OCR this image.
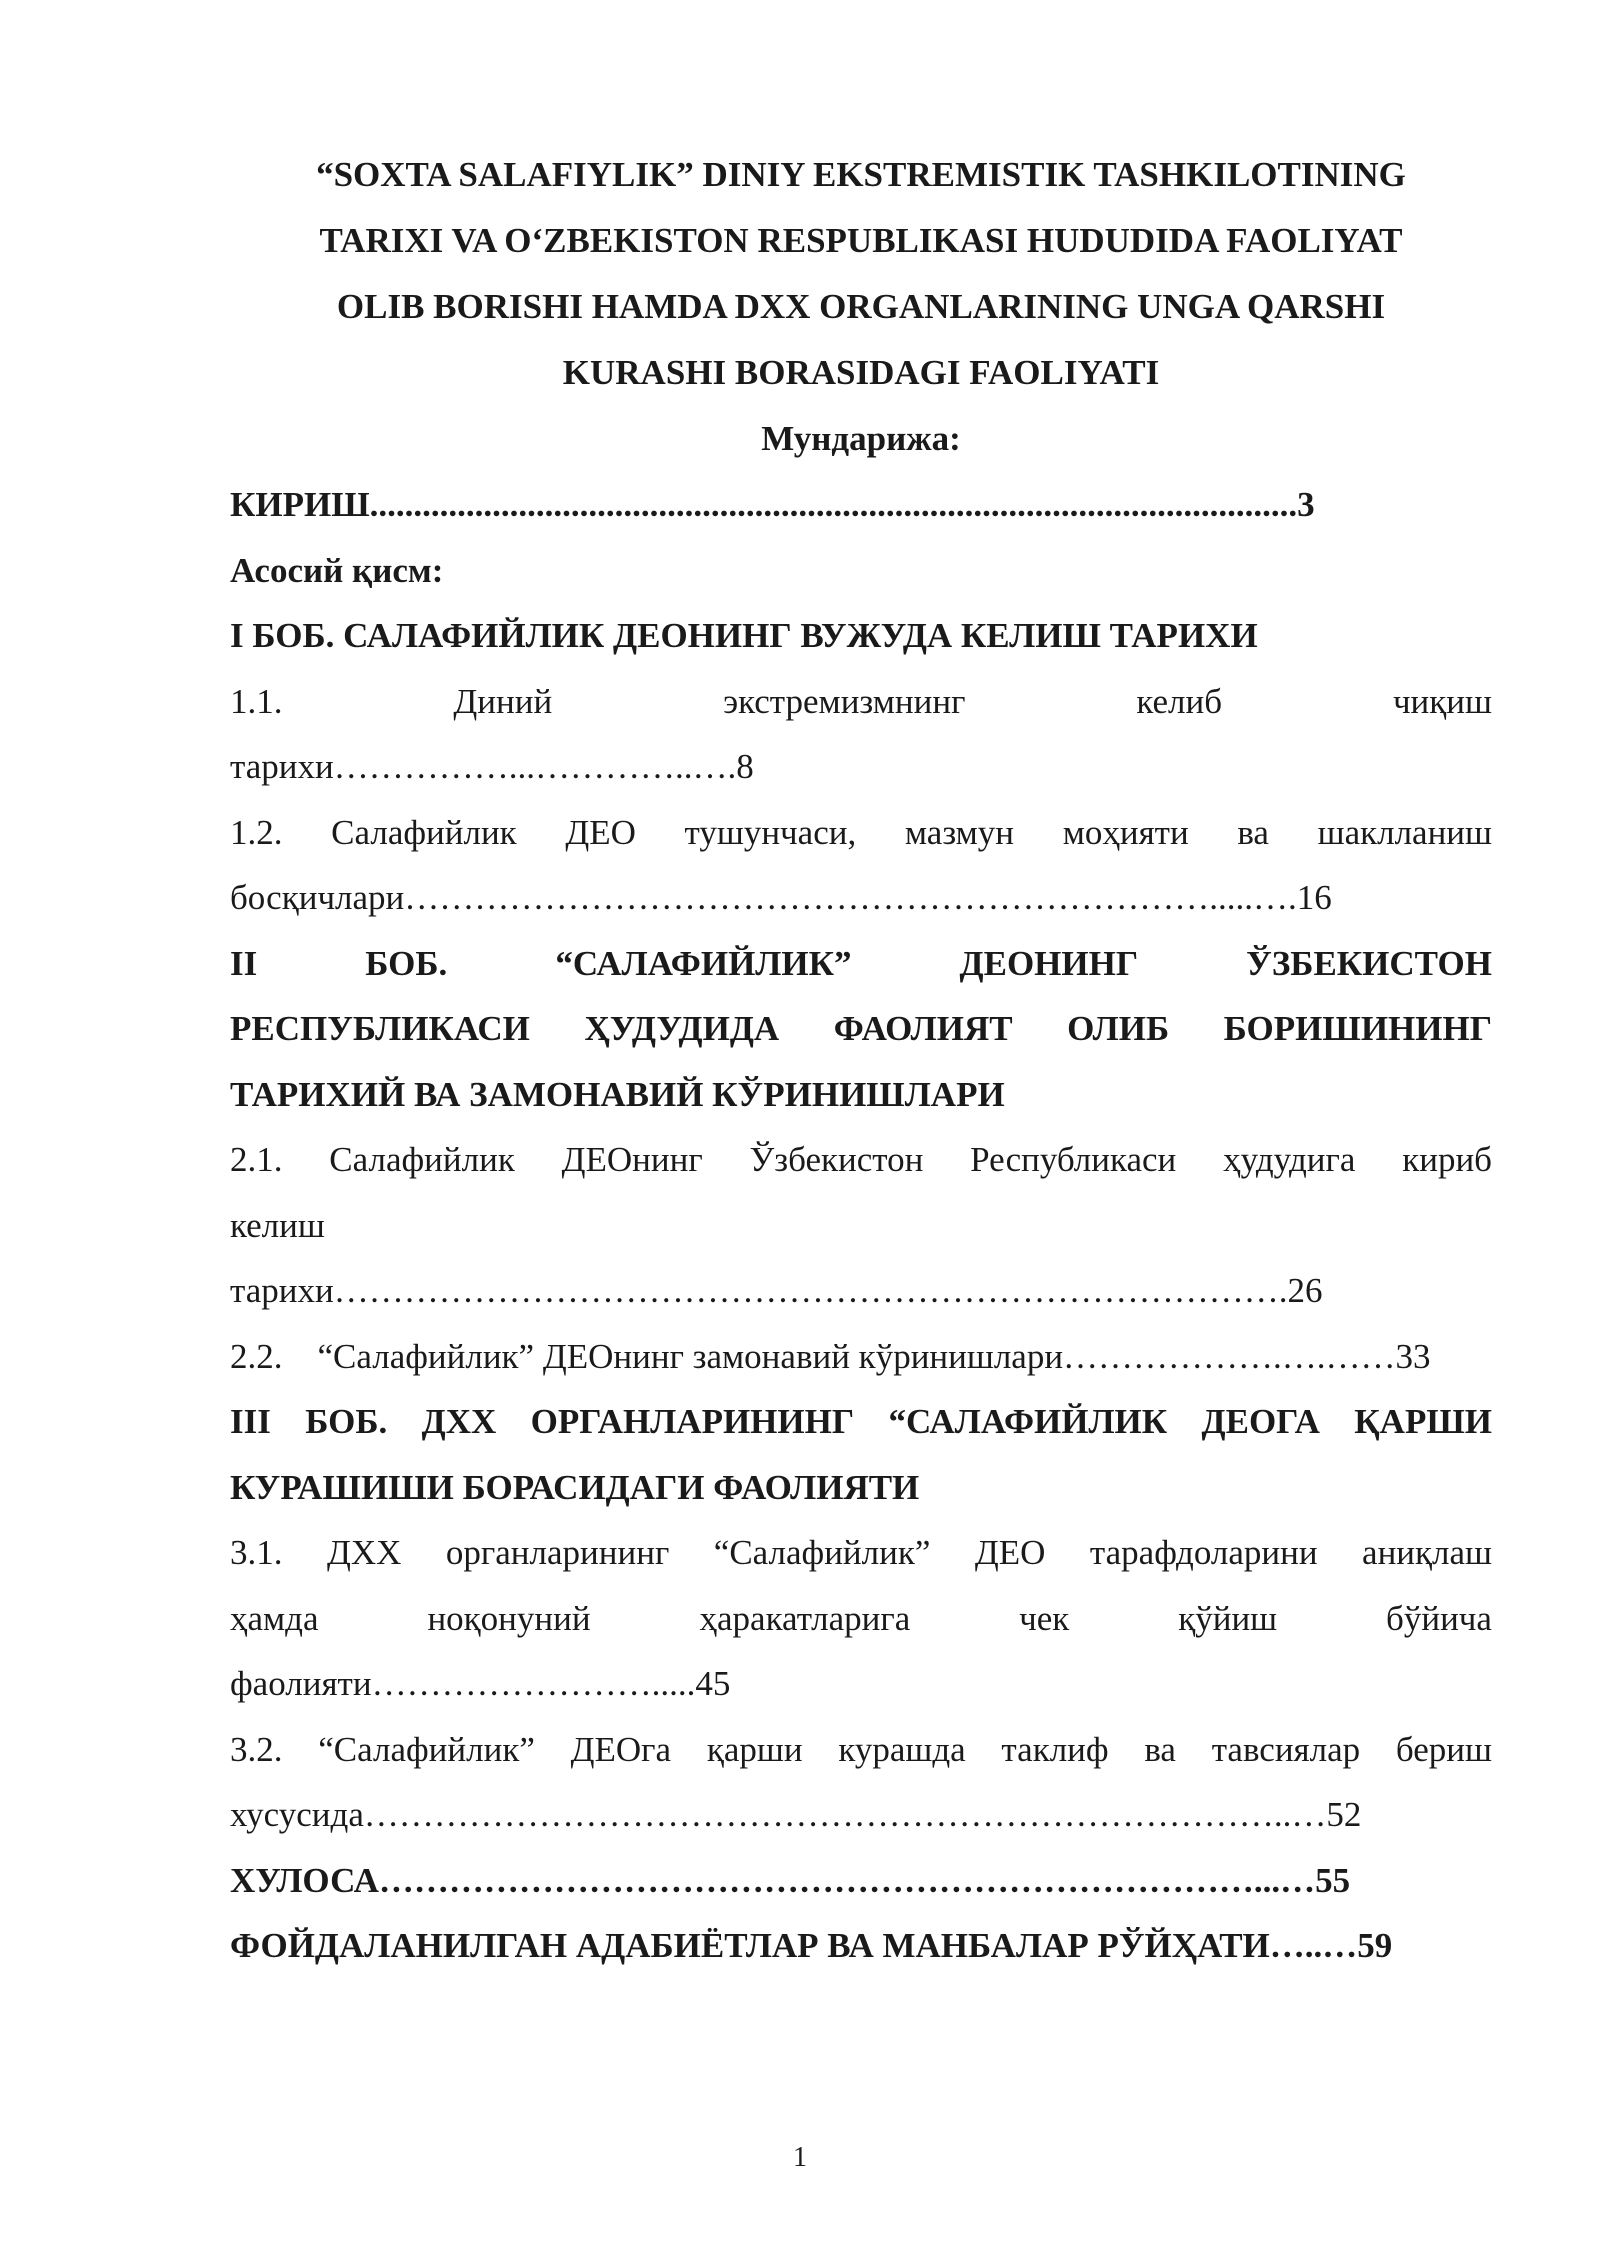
“SOXTA SALAFIYLIK” DINIY EKSTREMISTIK TASHKILOTINING
TARIXI VA O‘ZBEKISTON RESPUBLIKASI HUDUDIDA FAOLIYAT
OLIB BORISHI HAMDA DXX ORGANLARINING UNGA QARSHI
KURASHI BORASIDAGI FAOLIYATI

Мундарижа:

КИРИШ..........................................................................................................3

Асосий қисм:

I БОБ. САЛАФИЙЛИК ДЕОНИНГ ВУЖУДА КЕЛИШ ТАРИХИ

1.1.	Диний	экстремизмнинг	келиб	чиқиш

тарихи……………...…………..….8

1.2. Салафийлик ДЕО тушунчаси, мазмун моҳияти ва шаклланиш

босқичлари…………………………………………………………….....….16

II	БОБ.	“САЛАФИЙЛИК”	ДЕОНИНГ	ЎЗБЕКИСТОН

РЕСПУБЛИКАСИ ҲУДУДИДА ФАОЛИЯТ ОЛИБ БОРИШИНИНГ

ТАРИХИЙ ВА ЗАМОНАВИЙ КЎРИНИШЛАРИ

2.1. Салафийлик ДЕОнинг Ўзбекистон Республикаси ҳудудига кириб

келиш

тарихи……………………………………………………………………….26

2.2.    “Салафийлик” ДЕОнинг замонавий кўринишлари……………….….……33

III БОБ. ДХХ ОРГАНЛАРИНИНГ “САЛАФИЙЛИК ДЕОГА ҚАРШИ

КУРАШИШИ БОРАСИДАГИ ФАОЛИЯТИ

3.1. ДХХ органларининг “Салафийлик” ДЕО тарафдоларини аниқлаш

ҳамда	ноқонуний	ҳаракатларига	чек	қўйиш	бўйича

фаолияти…………………….....45

3.2. “Салафийлик” ДЕОга қарши курашда таклиф ва тавсиялар бериш

хусусида……………………………………………………………………..…52

ХУЛОСА…………………………………………………………………...…55

ФОЙДАЛАНИЛГАН АДАБИЁТЛАР ВА МАНБАЛАР РЎЙҲАТИ…..…59

1
